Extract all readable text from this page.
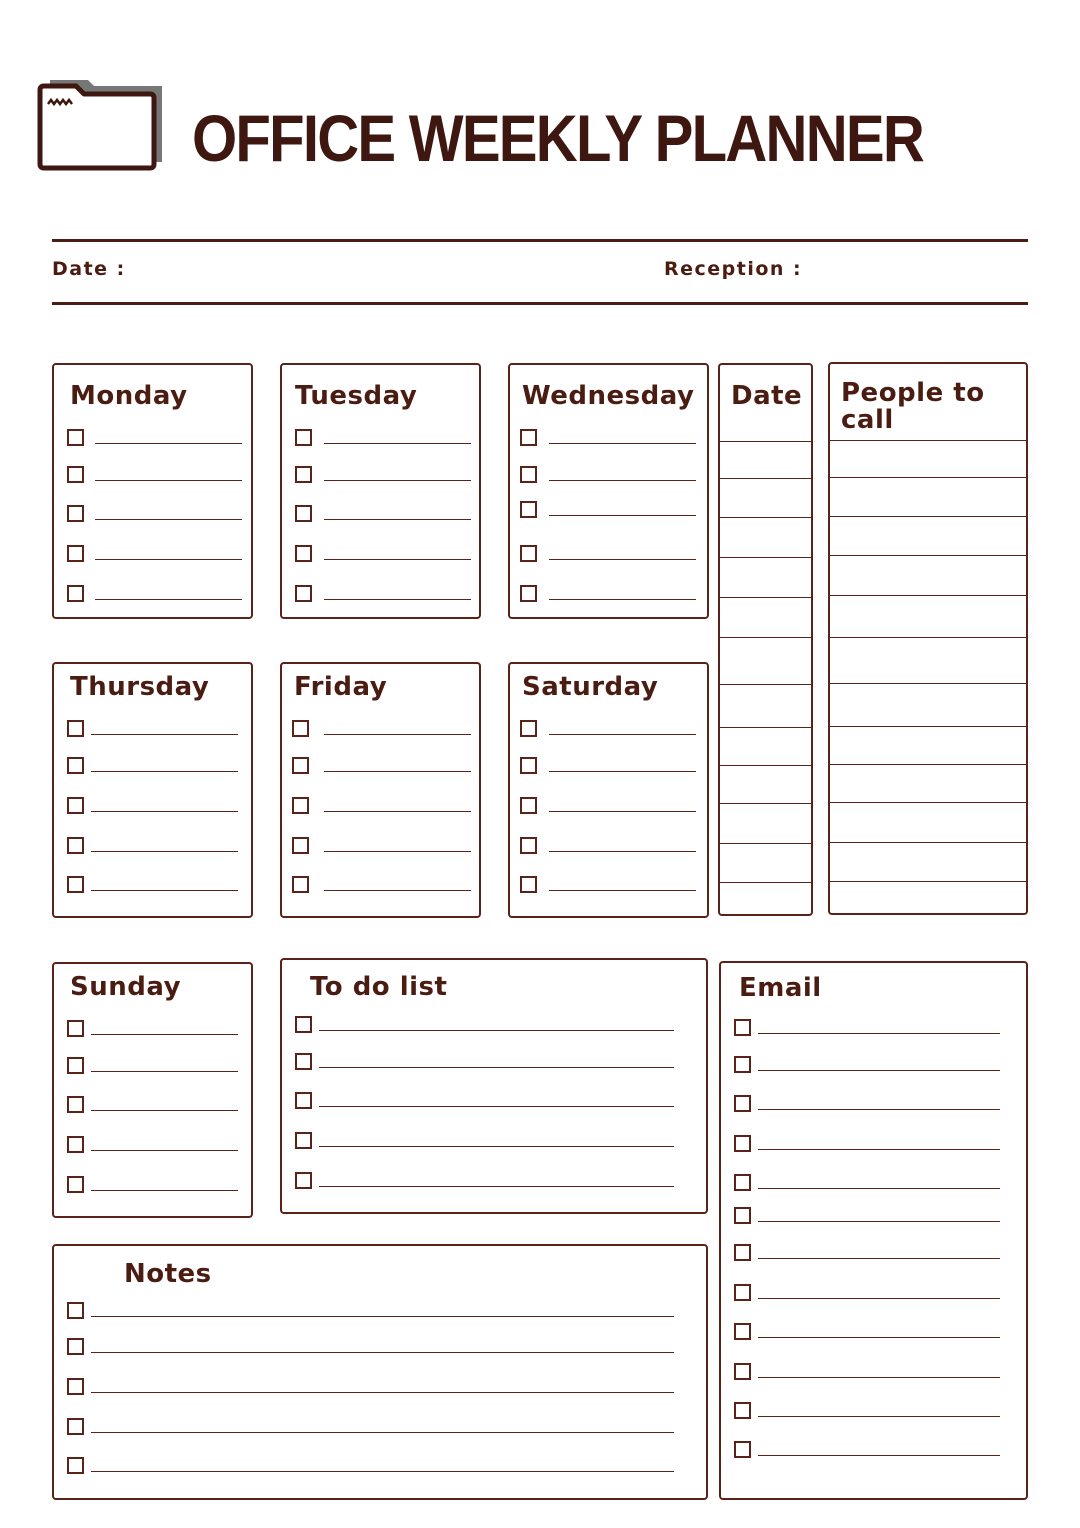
OFFICE WEEKLY PLANNER
Date :	Reception :
Monday	Tuesday	Wednesday
Thursday	Friday	Saturday
Date People to call
Sunday	To do list	Email
Notes
